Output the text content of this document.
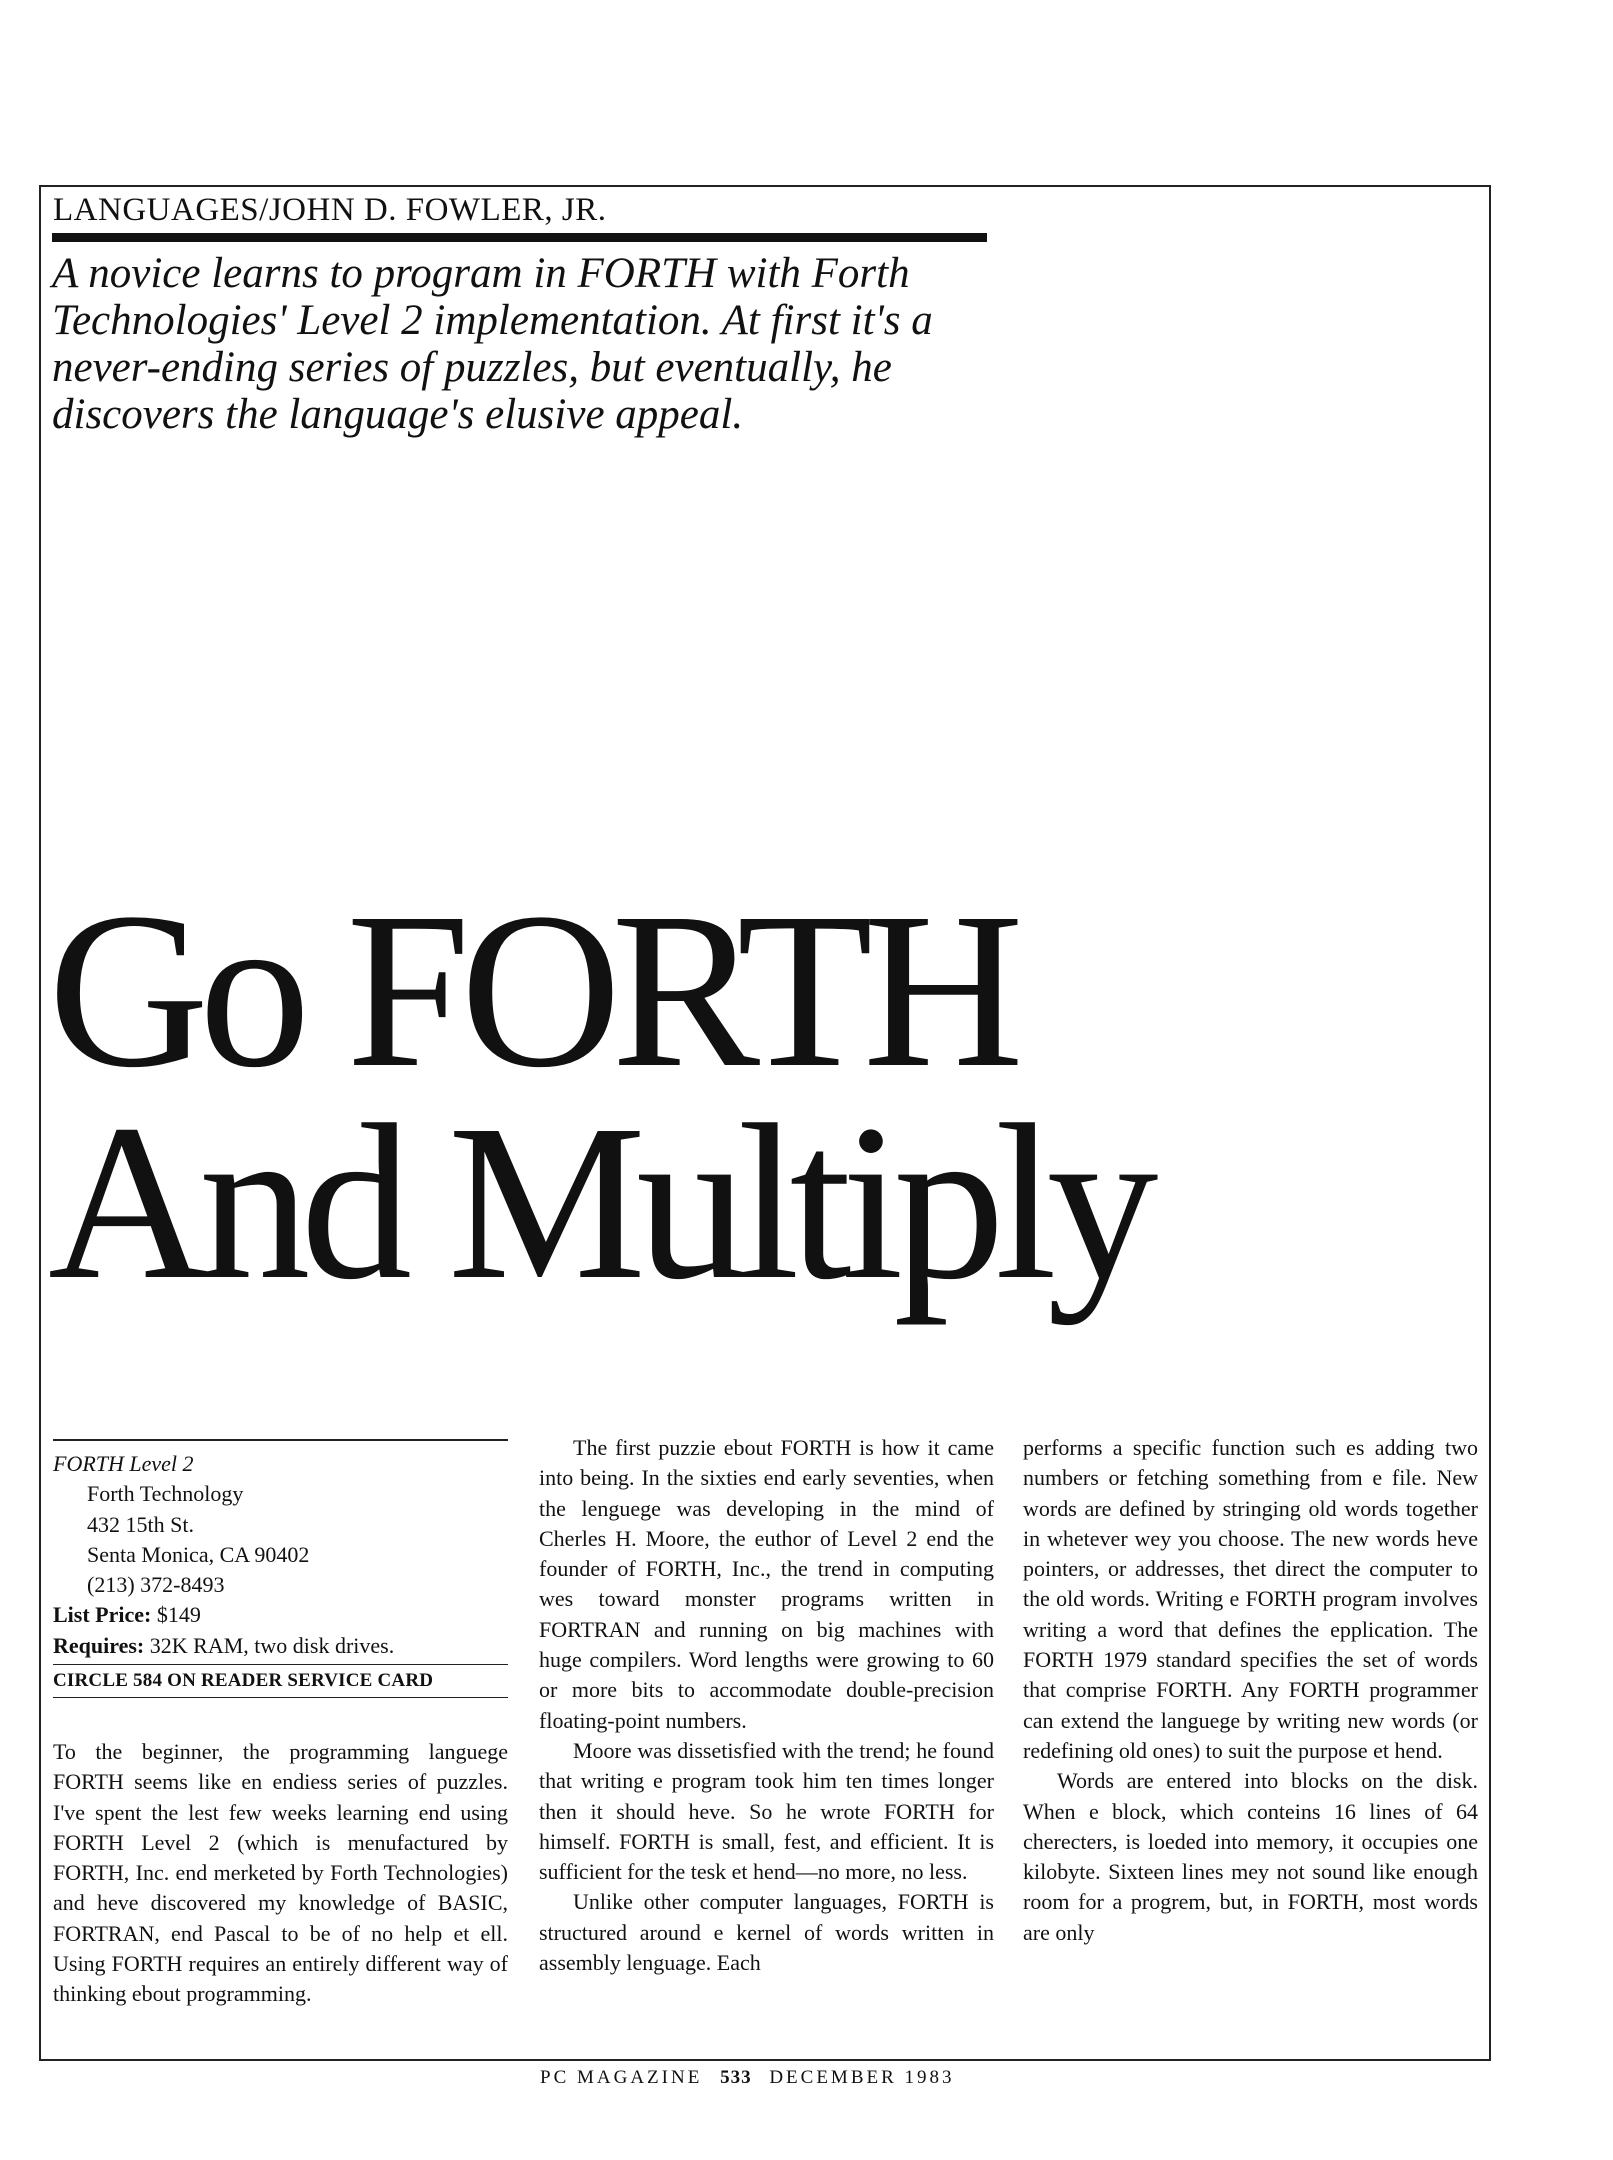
LANGUAGES/JOHN D. FOWLER, JR.
A novice learns to program in FORTH with Forth Technologies' Level 2 implementation. At first it's a never-ending series of puzzles, but eventually, he discovers the language's elusive appeal.
Go FORTH
And Multiply
FORTH Level 2
Forth Technology
432 15th St.
Senta Monica, CA 90402
(213) 372-8493
List Price: $149
Requires: 32K RAM, two disk drives.
CIRCLE 584 ON READER SERVICE CARD

To the beginner, the programming languege FORTH seems like en endiess series of puzzles. I've spent the lest few weeks learning end using FORTH Level 2 (which is menufactured by FORTH, Inc. end merketed by Forth Technologies) and heve discovered my knowledge of BASIC, FORTRAN, end Pascal to be of no help et ell. Using FORTH requires an entirely different way of thinking ebout programming.

The first puzzie ebout FORTH is how it came into being. In the sixties end early seventies, when the lenguege was developing in the mind of Cherles H. Moore, the euthor of Level 2 end the founder of FORTH, Inc., the trend in computing wes toward monster programs written in FORTRAN and running on big machines with huge compilers. Word lengths were growing to 60 or more bits to accommodate double-precision floating-point numbers.

Moore was dissetisfied with the trend; he found that writing e program took him ten times longer then it should heve. So he wrote FORTH for himself. FORTH is small, fest, and efficient. It is sufficient for the tesk et hend—no more, no less.

Unlike other computer languages, FORTH is structured around e kernel of words written in assembly lenguage. Each

performs a specific function such es adding two numbers or fetching something from e file. New words are defined by stringing old words together in whetever wey you choose. The new words heve pointers, or addresses, thet direct the computer to the old words. Writing e FORTH program involves writing a word that defines the epplication. The FORTH 1979 standard specifies the set of words that comprise FORTH. Any FORTH programmer can extend the languege by writing new words (or redefining old ones) to suit the purpose et hend.

Words are entered into blocks on the disk. When e block, which conteins 16 lines of 64 cherecters, is loeded into memory, it occupies one kilobyte. Sixteen lines mey not sound like enough room for a progrem, but, in FORTH, most words are only

PC MAGAZINE 533 DECEMBER 1983
